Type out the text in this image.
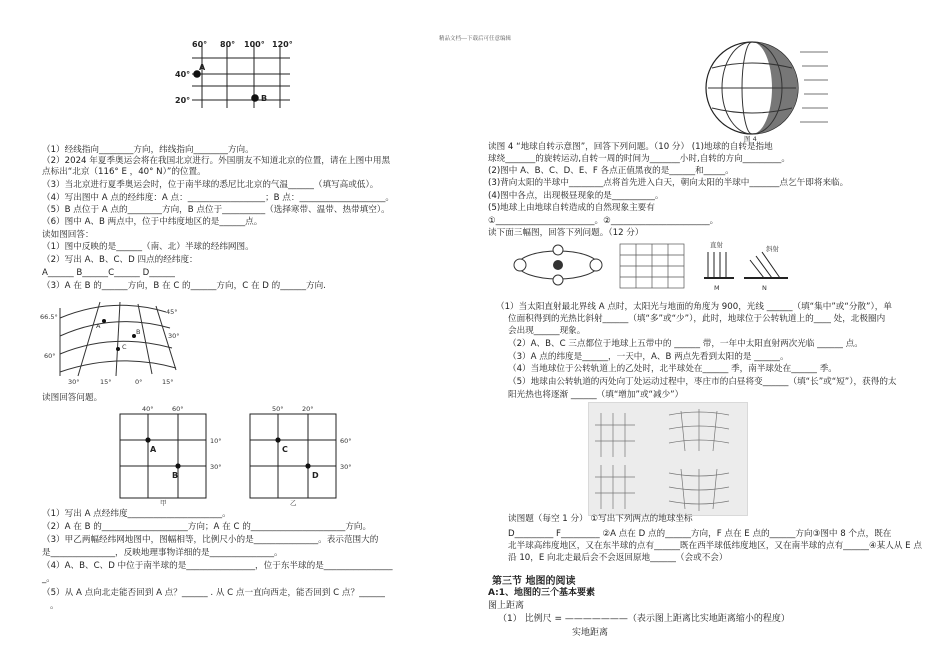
精品文档---下载后可任意编辑
60° 80° 100° 120°
40°
20°
A
B
（1）经线指向________方向，纬线指向________方向。
（2）2024 年夏季奥运会将在我国北京进行。外国朋友不知道北京的位置，请在上图中用黑
点标出“北京（116° E ，40° N）”的位置。
（3）当北京进行夏季奥运会时，位于南半球的悉尼比北京的气温______（填写高或低）。
（4）写出图中 A 点的经纬度：A 点：__________________；B 点：____________________。
（5）B 点位于 A 点的________方向，B 点位于__________（选择寒带、温带、热带填空）。
（6）图中 A、B 两点中，位于中纬度地区的是______点。
读如图回答：
（1）图中反映的是______（南、北）半球的经纬网图。
（2）写出 A、B、C、D 四点的经纬度：
A______ B______C______ D______
（3）A 在 B 的______方向，B 在 C 的______方向，C 在 D 的______方向.
66.5°
60°
30°	15°	0°	15°
45°
30°
A
B
C
读图回答问题。
40°	60°
10°
30°
A
B
甲
50°	20°
60°
30°
C
D
乙
（1）写出 A 点经纬度______________________。
（2）A 在 B 的____________________方向；A 在 C 的______________________方向。
（3）甲乙两幅经纬网地图中，图幅相等，比例尺小的是_______________。表示范围大的
是_______________，反映地理事物详细的是_______________。
（4）A、B、C、D 中位于南半球的是________________，位于东半球的是________________
_。
（5）从 A 点向北走能否回到 A 点？______ . 从 C 点一直向西走，能否回到 C 点？______
。
图 4
读图 4 “地球自转示意图”，回答下列问题。（10 分） (1)地球的自转是指地
球绕_______的旋转运动,自转一周的时间为_______小时,自转的方向_________。
(2)图中 A、B、C、D、E、F 各点正值黑夜的是______和_____。
(3)背向太阳的半球中________点将首先进入白天，朝向太阳的半球中_______点乞午即将来临。
(4)图中各点，出现极昼现象的是__________。
(5)地球上由地球自转造成的自然现象主要有
①_______________________。②_______________________。
读下面三幅图，回答下列问题。（12 分）
直射	斜射
M	N
（1）当太阳直射最北界线 A 点时，太阳光与地面的角度为 900，光线 ______（填“集中”或“分散”），单
位面积得到的光热比斜射______（填“多”或“少”），此时，地球位于公转轨道上的____ 处，北极圈内
会出现______现象。
（2）A、B、C 三点都位于地球上五带中的 ______ 带，一年中太阳直射两次光临 ______ 点。
（3）A 点的纬度是______，一天中，A、B 两点先看到太阳的是 ______。
（4）当地球位于公转轨道上的乙处时，北半球处在______ 季，南半球处在______ 季。
（5）地球由公转轨道的丙处向丁处运动过程中，枣庄市的白昼将变______（填“长”或“短”），获得的太
阳光热也将逐渐 ______（填“增加”或“减少”）
读图题（每空 1 分） ①写出下列两点的地球坐标
D_________ F_________ ②A 点在 D 点的______方向，F 点在 E 点的______方向③图中 8 个点，既在
北半球高纬度地区，又在东半球的点有______既在西半球低纬度地区，又在南半球的点有______④某人从 E 点
沿 10，E 向北走最后会不会返回原地______（会或不会）
第三节 地图的阅读
A:1、地图的三个基本要素
图上距离
（1） 比例尺 = ———————（表示图上距离比实地距离缩小的程度）
实地距离
